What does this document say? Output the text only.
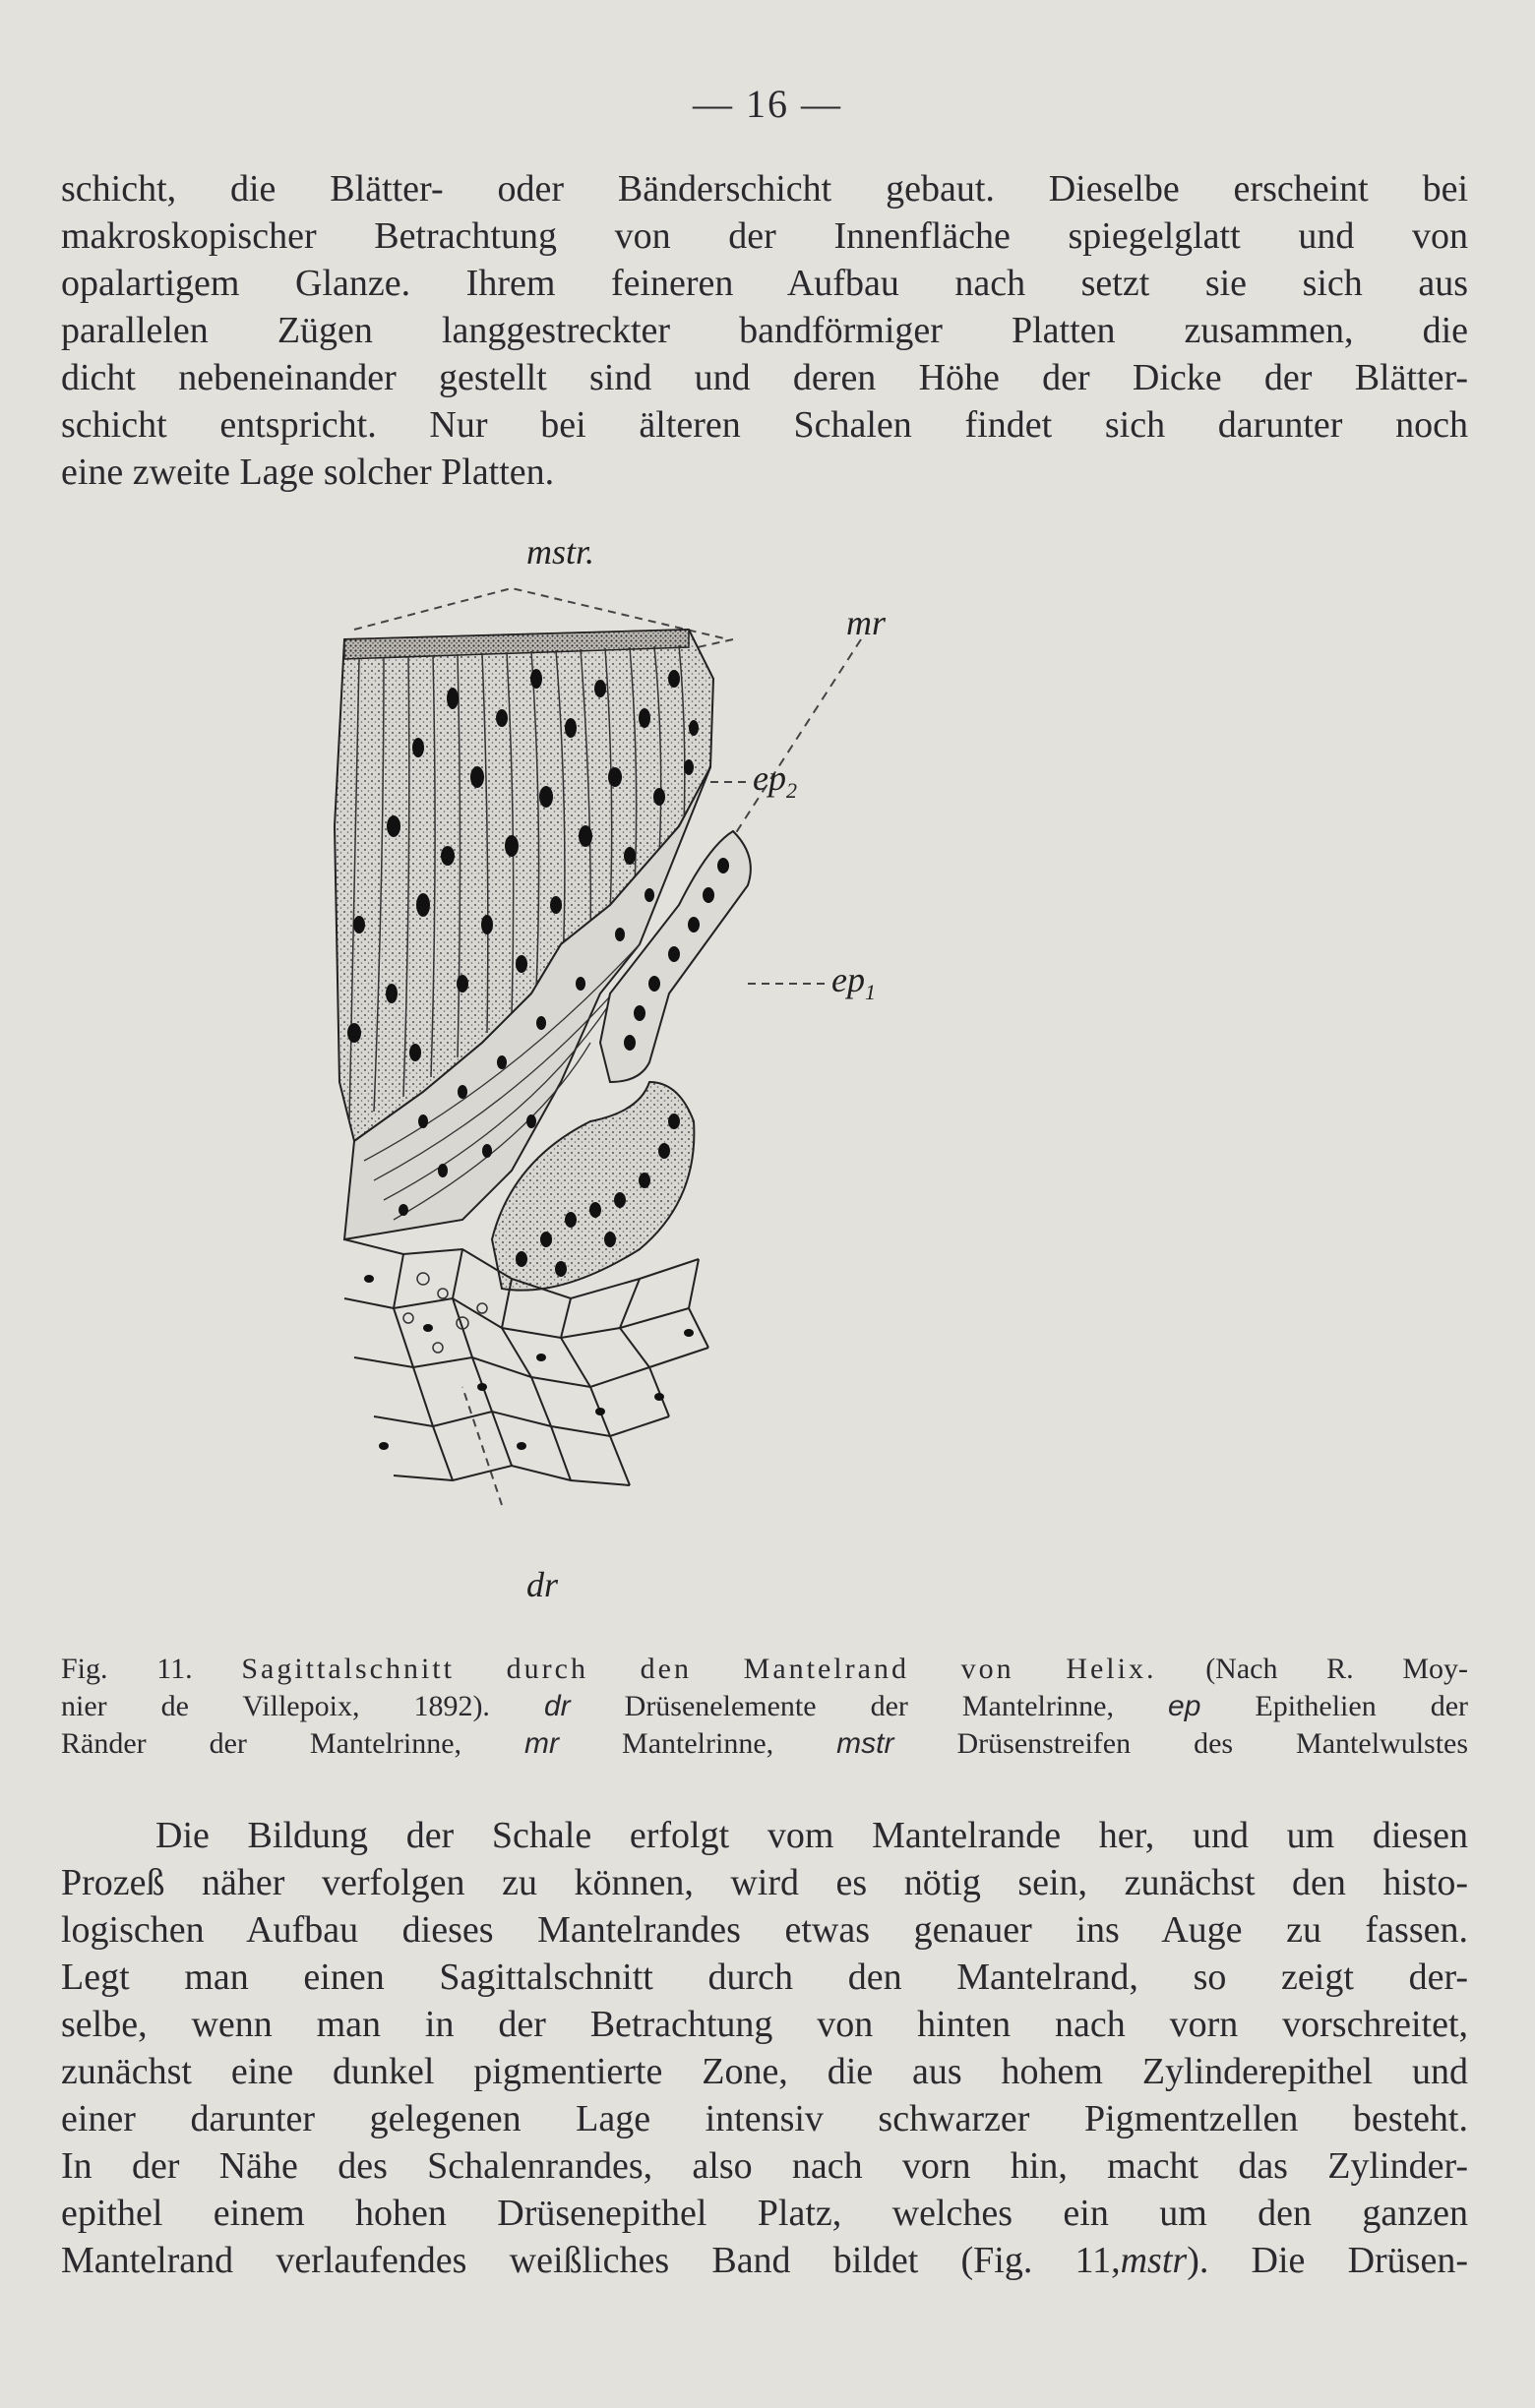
— 16 —
schicht, die Blätter- oder Bänderschicht gebaut. Dieselbe erscheint bei
makroskopischer Betrachtung von der Innenfläche spiegelglatt und von
opalartigem Glanze. Ihrem feineren Aufbau nach setzt sie sich aus
parallelen Zügen langgestreckter bandförmiger Platten zusammen, die
dicht nebeneinander gestellt sind und deren Höhe der Dicke der Blätter-
schicht entspricht. Nur bei älteren Schalen findet sich darunter noch
eine zweite Lage solcher Platten.
mstr.
mr
$ep_2$
$ep_1$
dr
Fig. 11. Sagittalschnitt durch den Mantelrand von Helix. (Nach R. Moy-
nier de Villepoix, 1892). dr Drüsenelemente der Mantelrinne, ep Epithelien der
Ränder der Mantelrinne, mr Mantelrinne, mstr Drüsenstreifen des Mantelwulstes
Die Bildung der Schale erfolgt vom Mantelrande her, und um diesen
Prozeß näher verfolgen zu können, wird es nötig sein, zunächst den histo-
logischen Aufbau dieses Mantelrandes etwas genauer ins Auge zu fassen.
Legt man einen Sagittalschnitt durch den Mantelrand, so zeigt der-
selbe, wenn man in der Betrachtung von hinten nach vorn vorschreitet,
zunächst eine dunkel pigmentierte Zone, die aus hohem Zylinderepithel und
einer darunter gelegenen Lage intensiv schwarzer Pigmentzellen besteht.
In der Nähe des Schalenrandes, also nach vorn hin, macht das Zylinder-
epithel einem hohen Drüsenepithel Platz, welches ein um den ganzen
Mantelrand verlaufendes weißliches Band bildet (Fig. 11,mstr). Die Drüsen-
